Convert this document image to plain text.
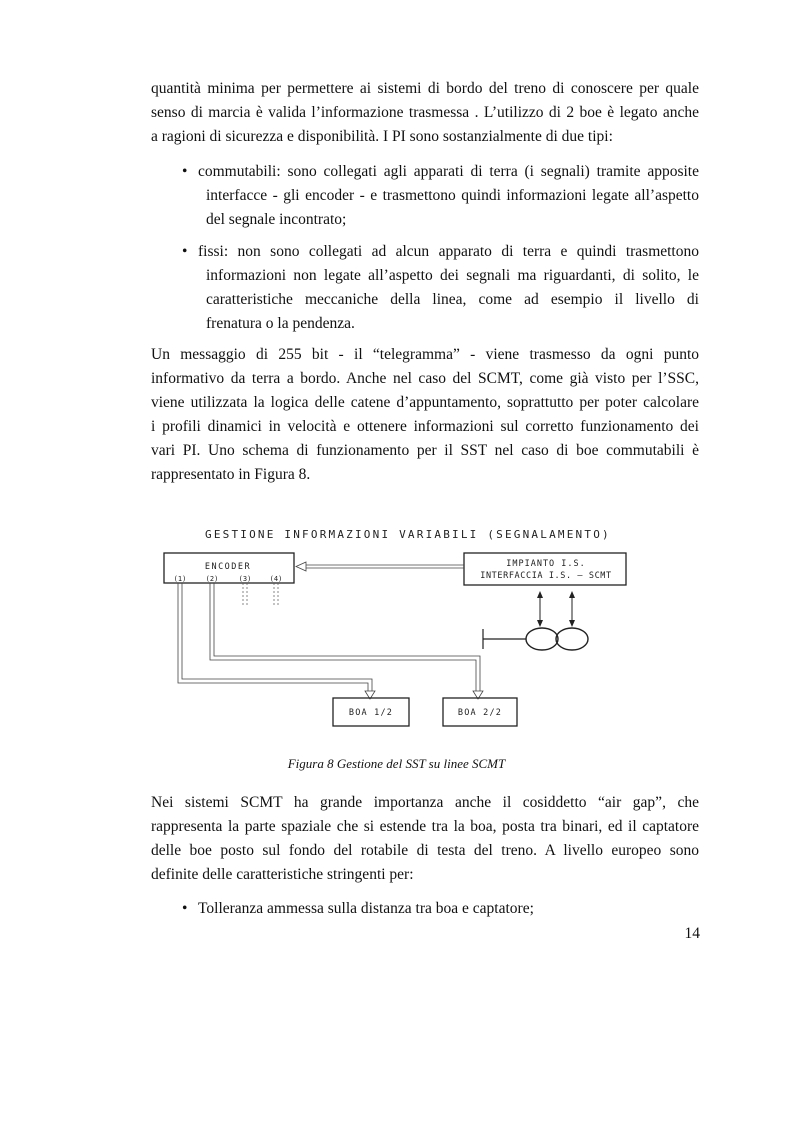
quantità minima per permettere ai sistemi di bordo del treno di conoscere per quale
senso di marcia è valida l’informazione trasmessa . L’utilizzo di 2 boe è legato anche
a ragioni di sicurezza e disponibilità. I PI sono sostanzialmente di due tipi:
• commutabili: sono collegati agli apparati di terra (i segnali) tramite apposite
interfacce - gli encoder - e trasmettono quindi informazioni legate all’aspetto
del segnale incontrato;
• fissi: non sono collegati ad alcun apparato di terra e quindi trasmettono
informazioni non legate all’aspetto dei segnali ma riguardanti, di solito, le
caratteristiche meccaniche della linea, come ad esempio il livello di
frenatura o la pendenza.
Un messaggio di 255 bit - il “telegramma” - viene trasmesso da ogni punto
informativo da terra a bordo. Anche nel caso del SCMT, come già visto per l’SSC,
viene utilizzata la logica delle catene d’appuntamento, soprattutto per poter calcolare
i profili dinamici in velocità e ottenere informazioni sul corretto funzionamento dei
vari PI. Uno schema di funzionamento per il SST nel caso di boe commutabili è
rappresentato in Figura 8.
GESTIONE INFORMAZIONI VARIABILI (SEGNALAMENTO)
ENCODER
(1)	(2)	(3)	(4)
IMPIANTO I.S.
INTERFACCIA I.S. – SCMT
BOA 1/2	BOA 2/2
Figura 8 Gestione del SST su linee SCMT
Nei sistemi SCMT ha grande importanza anche il cosiddetto “air gap”, che
rappresenta la parte spaziale che si estende tra la boa, posta tra binari, ed il captatore
delle boe posto sul fondo del rotabile di testa del treno. A livello europeo sono
definite delle caratteristiche stringenti per:
• Tolleranza ammessa sulla distanza tra boa e captatore;
14
